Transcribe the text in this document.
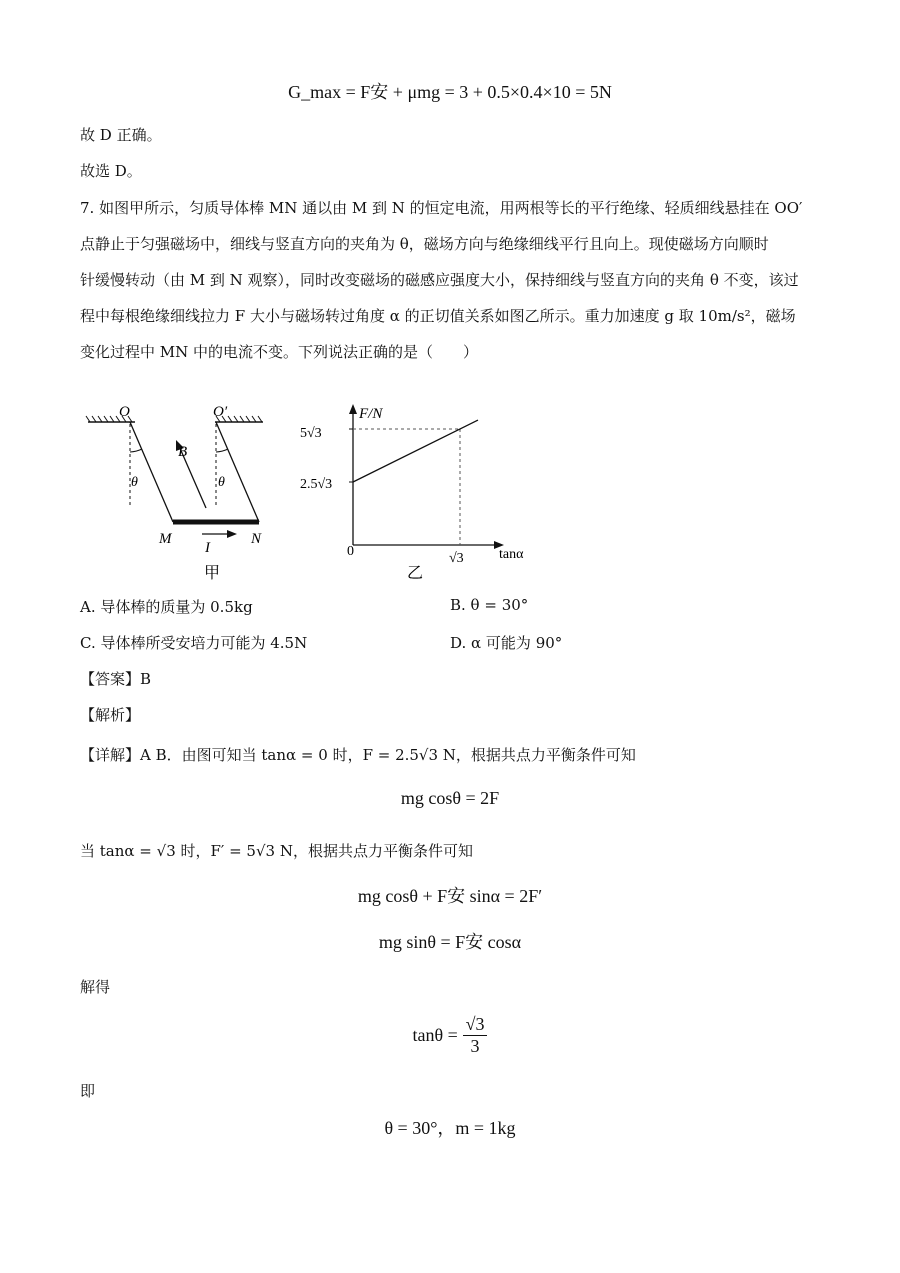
G_max = F安 + μmg = 3 + 0.5×0.4×10 = 5N
故 D 正确。
故选 D。
7. 如图甲所示，匀质导体棒 MN 通以由 M 到 N 的恒定电流，用两根等长的平行绝缘、轻质细线悬挂在 OO′
点静止于匀强磁场中，细线与竖直方向的夹角为 θ，磁场方向与绝缘细线平行且向上。现使磁场方向顺时
针缓慢转动（由 M 到 N 观察），同时改变磁场的磁感应强度大小，保持细线与竖直方向的夹角 θ 不变，该过
程中每根绝缘细线拉力 F 大小与磁场转过角度 α 的正切值关系如图乙所示。重力加速度 g 取 10m/s²，磁场
变化过程中 MN 中的电流不变。下列说法正确的是（　　）
O	O′
B
θ	θ
M	N
I
甲
F/N
5√3
2.5√3
√3
0	tanα
乙
A. 导体棒的质量为 0.5kg	B. θ = 30°
C. 导体棒所受安培力可能为 4.5N	D. α 可能为 90°
【答案】B
【解析】
【详解】A B．由图可知当 tanα = 0 时，F = 2.5√3 N，根据共点力平衡条件可知
mg cosθ = 2F
当 tanα = √3 时，F′ = 5√3 N，根据共点力平衡条件可知
mg cosθ + F安 sinα = 2F′
mg sinθ = F安 cosα
解得
$\tan\theta = \frac{√3}{3}$
即
θ = 30°，m = 1kg
